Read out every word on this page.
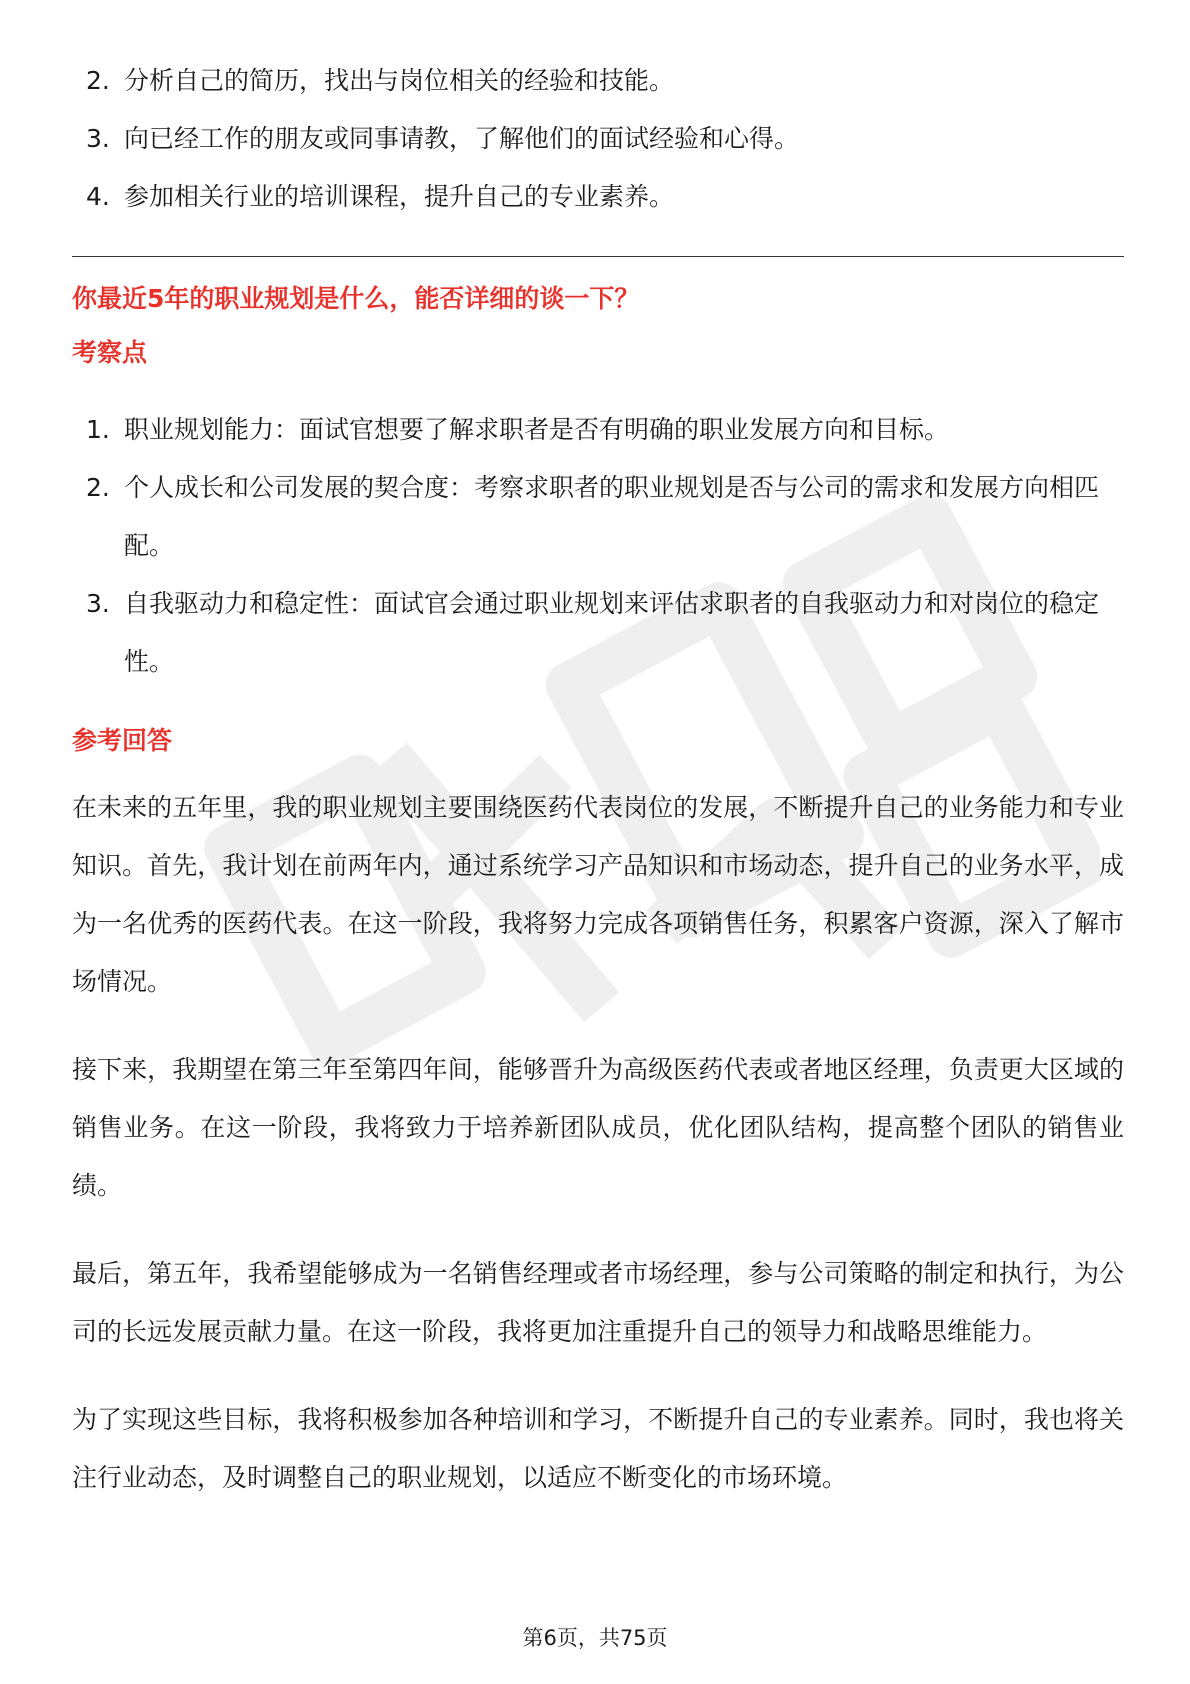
2. 分析自己的简历，找出与岗位相关的经验和技能。
3. 向已经工作的朋友或同事请教，了解他们的面试经验和心得。
4. 参加相关行业的培训课程，提升自己的专业素养。
你最近5年的职业规划是什么，能否详细的谈一下？
考察点
1. 职业规划能力：面试官想要了解求职者是否有明确的职业发展方向和目标。
2. 个人成长和公司发展的契合度：考察求职者的职业规划是否与公司的需求和发展方向相匹配。
3. 自我驱动力和稳定性：面试官会通过职业规划来评估求职者的自我驱动力和对岗位的稳定性。
参考回答

在未来的五年里，我的职业规划主要围绕医药代表岗位的发展，不断提升自己的业务能力和专业知识。首先，我计划在前两年内，通过系统学习产品知识和市场动态，提升自己的业务水平，成为一名优秀的医药代表。在这一阶段，我将努力完成各项销售任务，积累客户资源，深入了解市场情况。

接下来，我期望在第三年至第四年间，能够晋升为高级医药代表或者地区经理，负责更大区域的销售业务。在这一阶段，我将致力于培养新团队成员，优化团队结构，提高整个团队的销售业绩。

最后，第五年，我希望能够成为一名销售经理或者市场经理，参与公司策略的制定和执行，为公司的长远发展贡献力量。在这一阶段，我将更加注重提升自己的领导力和战略思维能力。

为了实现这些目标，我将积极参加各种培训和学习，不断提升自己的专业素养。同时，我也将关注行业动态，及时调整自己的职业规划，以适应不断变化的市场环境。

第6页，共75页
